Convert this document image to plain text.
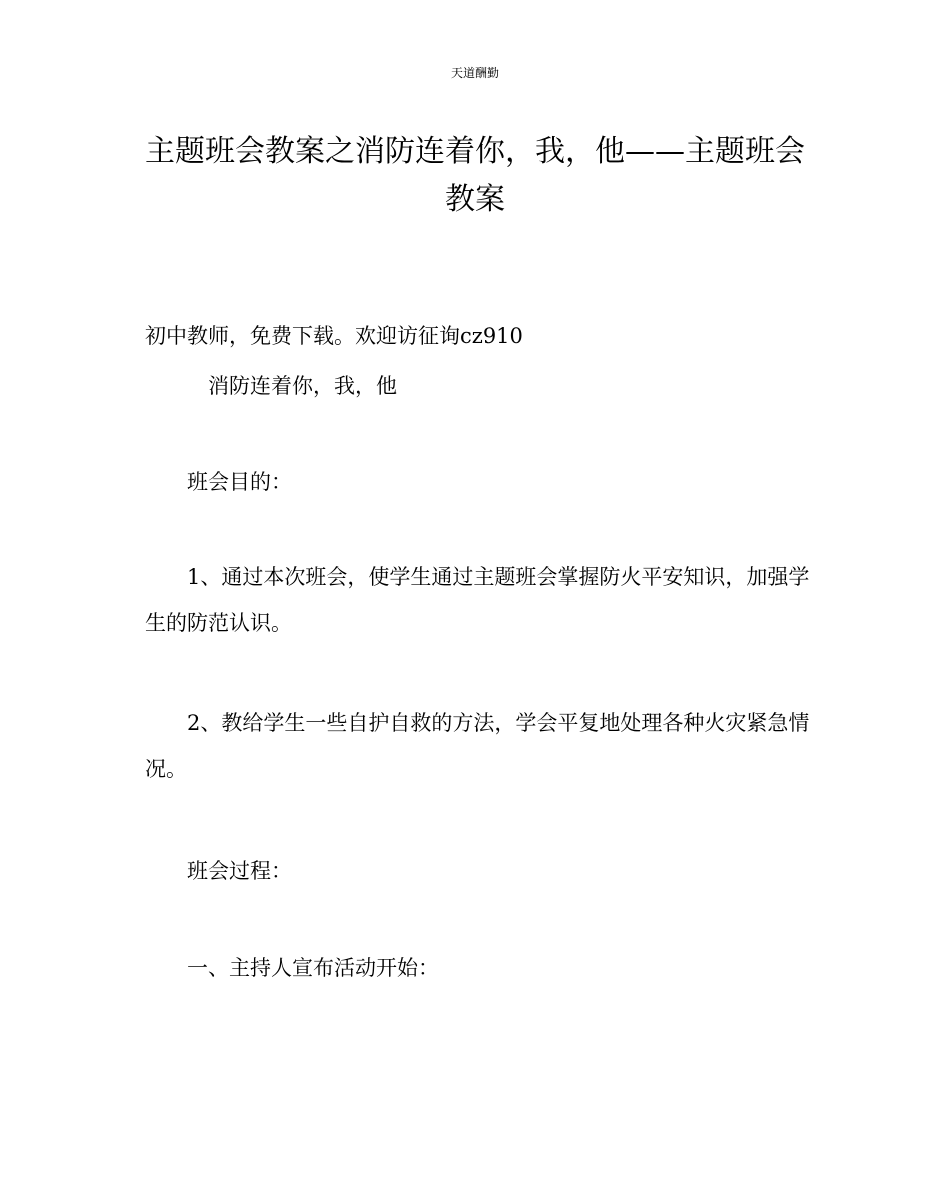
天道酬勤
主题班会教案之消防连着你，我，他——主题班会教案
初中教师，免费下载。欢迎访征询cz910
消防连着你，我，他
班会目的：
1、通过本次班会，使学生通过主题班会掌握防火平安知识，加强学生的防范认识。
2、教给学生一些自护自救的方法，学会平复地处理各种火灾紧急情况。
班会过程：
一、主持人宣布活动开始：
